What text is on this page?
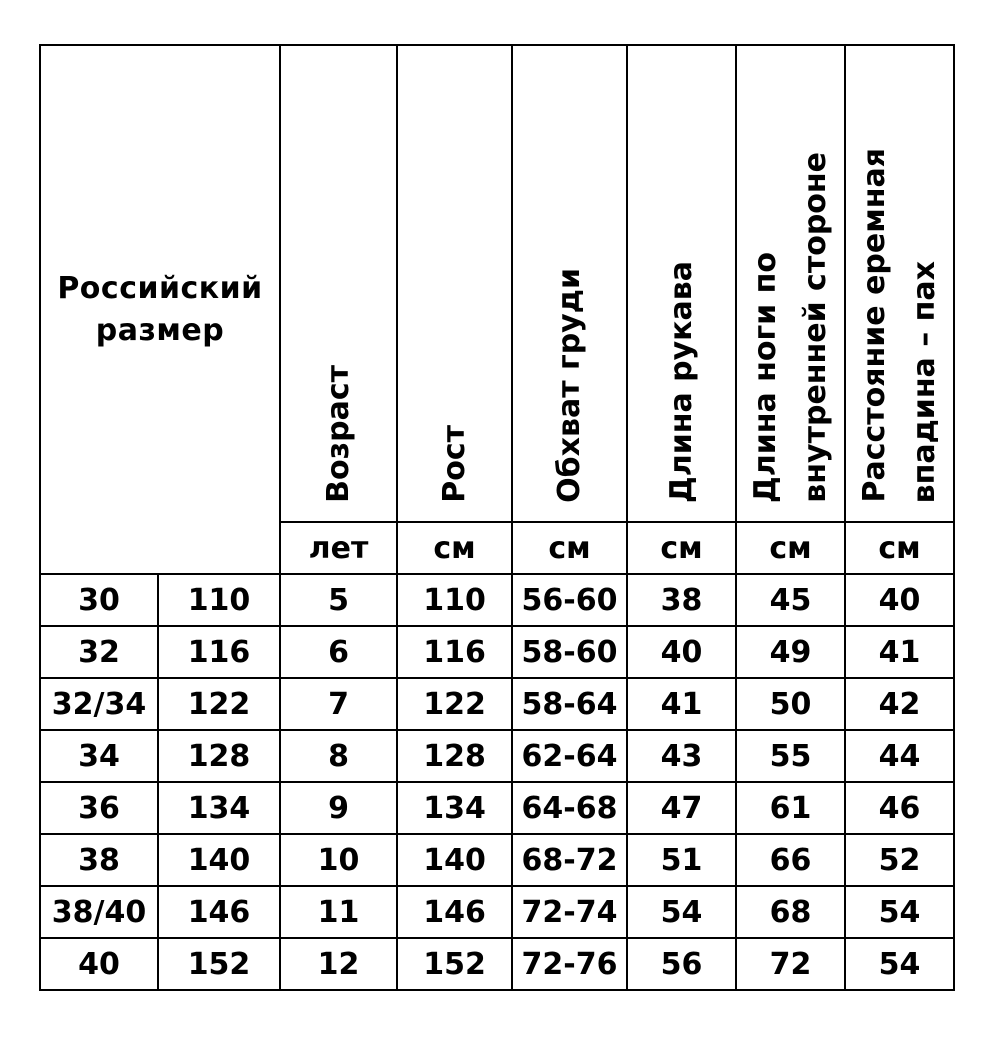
Российский
размер		Возраст	Рост	Обхват груди	Длина рукава	Длина ноги по внутренней стороне	Расстояние еремная впадина – пах
		лет	см	см	см	см	см
30	110	5	110	56-60	38	45	40
32	116	6	116	58-60	40	49	41
32/34	122	7	122	58-64	41	50	42
34	128	8	128	62-64	43	55	44
36	134	9	134	64-68	47	61	46
38	140	10	140	68-72	51	66	52
38/40	146	11	146	72-74	54	68	54
40	152	12	152	72-76	56	72	54
